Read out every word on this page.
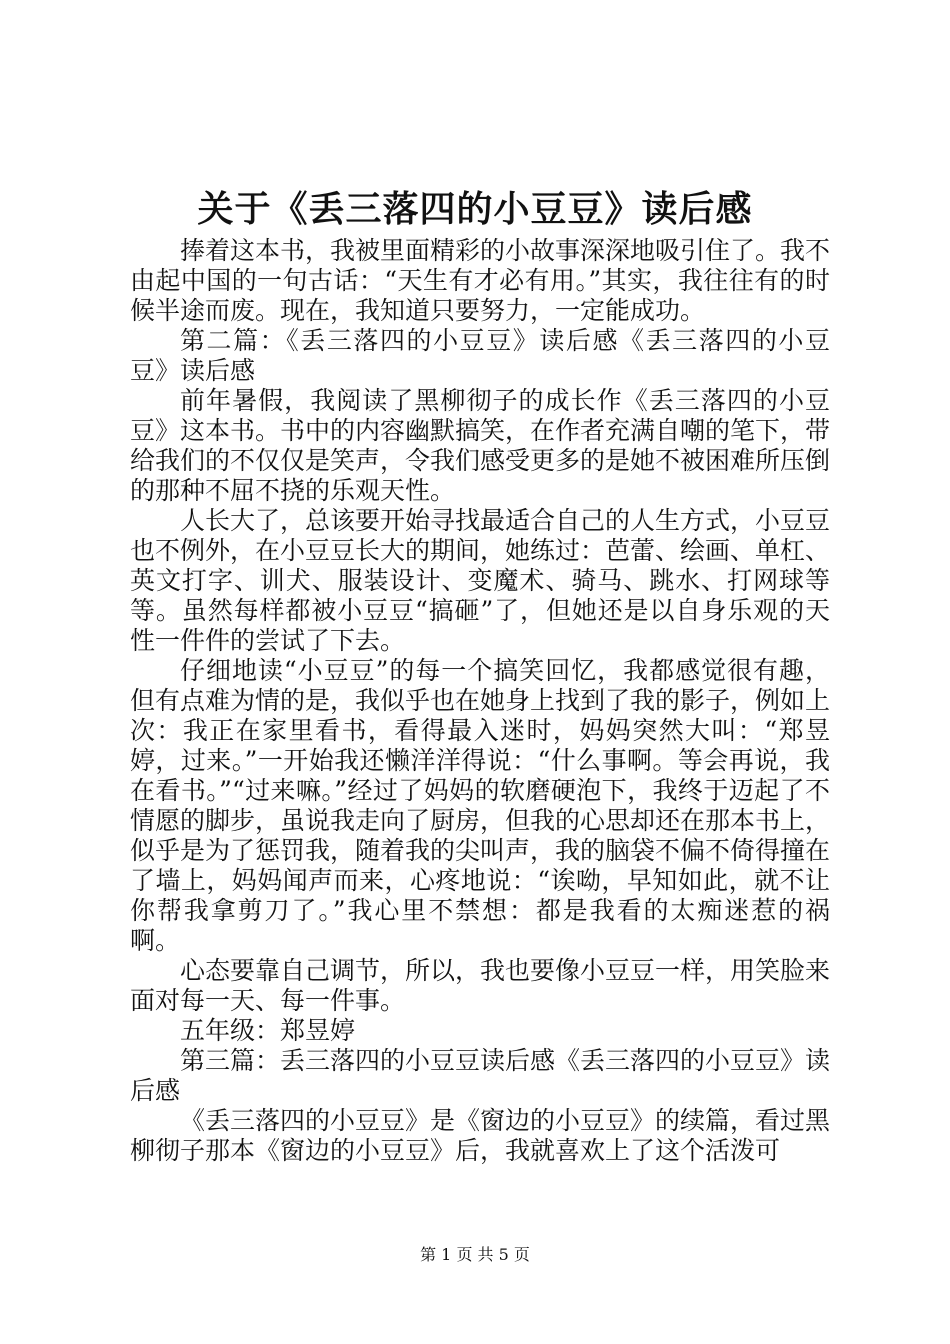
关于《丢三落四的小豆豆》读后感

捧着这本书，我被里面精彩的小故事深深地吸引住了。我不由起中国的一句古话：“天生有才必有用。”其实，我往往有的时候半途而废。现在，我知道只要努力，一定能成功。

第二篇：《丢三落四的小豆豆》读后感《丢三落四的小豆豆》读后感

前年暑假，我阅读了黑柳彻子的成长作《丢三落四的小豆豆》这本书。书中的内容幽默搞笑，在作者充满自嘲的笔下，带给我们的不仅仅是笑声，令我们感受更多的是她不被困难所压倒的那种不屈不挠的乐观天性。

人长大了，总该要开始寻找最适合自己的人生方式，小豆豆也不例外，在小豆豆长大的期间，她练过：芭蕾、绘画、单杠、英文打字、训犬、服装设计、变魔术、骑马、跳水、打网球等等。虽然每样都被小豆豆“搞砸”了，但她还是以自身乐观的天性一件件的尝试了下去。

仔细地读“小豆豆”的每一个搞笑回忆，我都感觉很有趣，但有点难为情的是，我似乎也在她身上找到了我的影子，例如上次：我正在家里看书，看得最入迷时，妈妈突然大叫：“郑昱婷，过来。”一开始我还懒洋洋得说：“什么事啊。等会再说，我在看书。”“过来嘛。”经过了妈妈的软磨硬泡下，我终于迈起了不情愿的脚步，虽说我走向了厨房，但我的心思却还在那本书上，似乎是为了惩罚我，随着我的尖叫声，我的脑袋不偏不倚得撞在了墙上，妈妈闻声而来，心疼地说：“诶呦，早知如此，就不让你帮我拿剪刀了。”我心里不禁想：都是我看的太痴迷惹的祸啊。

心态要靠自己调节，所以，我也要像小豆豆一样，用笑脸来面对每一天、每一件事。

五年级：郑昱婷

第三篇：丢三落四的小豆豆读后感《丢三落四的小豆豆》读后感

《丢三落四的小豆豆》是《窗边的小豆豆》的续篇，看过黑柳彻子那本《窗边的小豆豆》后，我就喜欢上了这个活泼可

第 1 页 共 5 页
